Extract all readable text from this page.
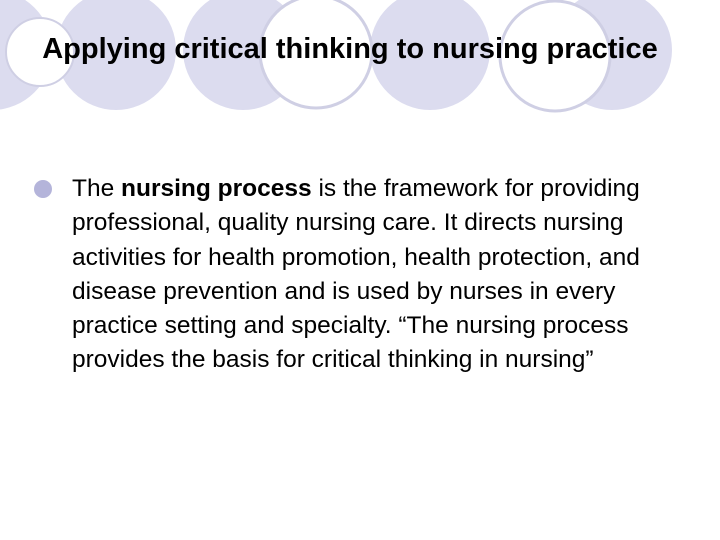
Applying critical thinking to nursing practice
The nursing process is the framework for providing professional, quality nursing care. It directs nursing activities for health promotion, health protection, and disease prevention and is used by nurses in every practice setting and specialty. “The nursing process provides the basis for critical thinking in nursing”
